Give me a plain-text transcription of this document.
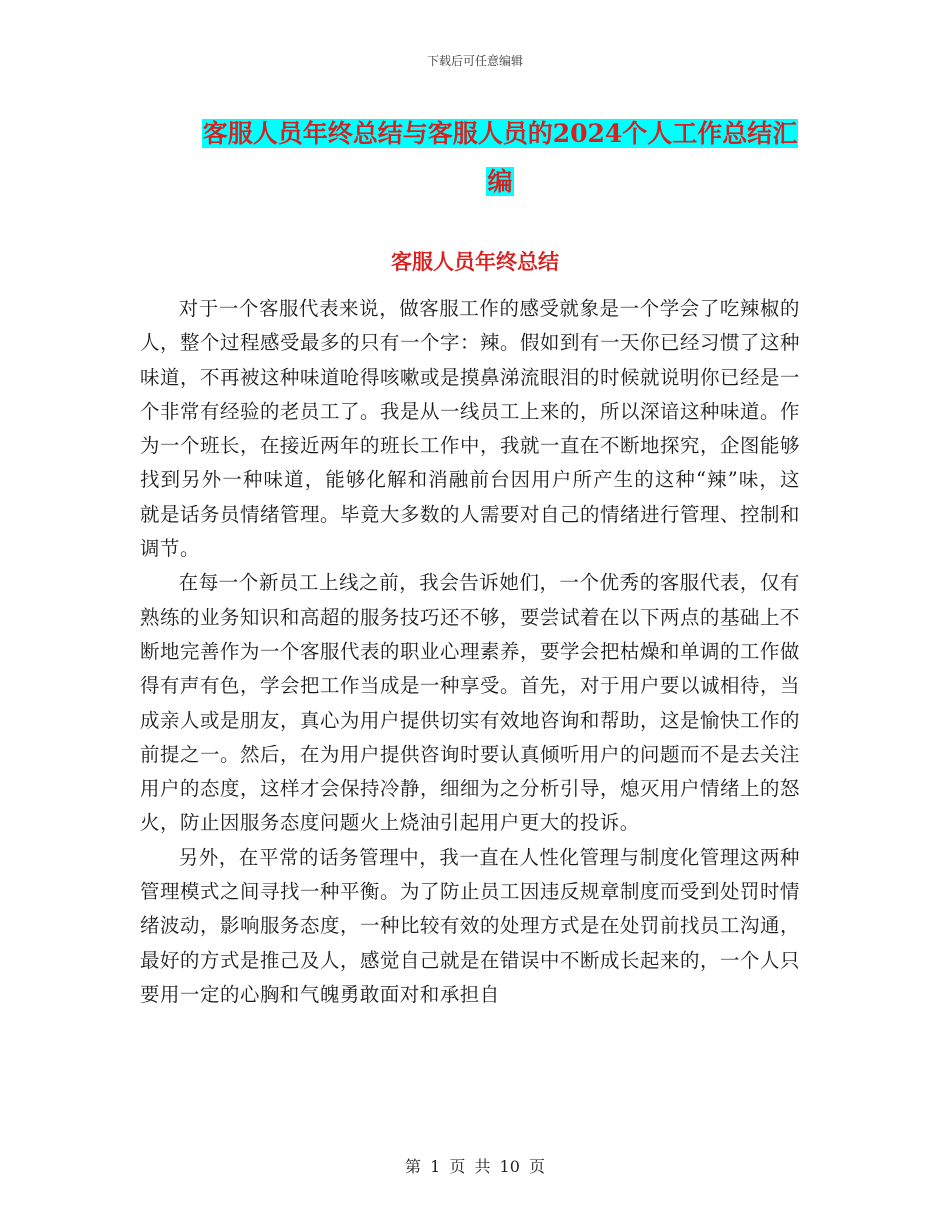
下载后可任意编辑
客服人员年终总结与客服人员的2024个人工作总结汇
编
客服人员年终总结

对于一个客服代表来说，做客服工作的感受就象是一个学会了吃辣椒的人，整个过程感受最多的只有一个字：辣。假如到有一天你已经习惯了这种味道，不再被这种味道呛得咳嗽或是摸鼻涕流眼泪的时候就说明你已经是一个非常有经验的老员工了。我是从一线员工上来的，所以深谙这种味道。作为一个班长，在接近两年的班长工作中，我就一直在不断地探究，企图能够找到另外一种味道，能够化解和消融前台因用户所产生的这种“辣”味，这就是话务员情绪管理。毕竟大多数的人需要对自己的情绪进行管理、控制和调节。

在每一个新员工上线之前，我会告诉她们，一个优秀的客服代表，仅有熟练的业务知识和高超的服务技巧还不够，要尝试着在以下两点的基础上不断地完善作为一个客服代表的职业心理素养，要学会把枯燥和单调的工作做得有声有色，学会把工作当成是一种享受。首先，对于用户要以诚相待，当成亲人或是朋友，真心为用户提供切实有效地咨询和帮助，这是愉快工作的前提之一。然后，在为用户提供咨询时要认真倾听用户的问题而不是去关注用户的态度，这样才会保持冷静，细细为之分析引导，熄灭用户情绪上的怒火，防止因服务态度问题火上烧油引起用户更大的投诉。

另外，在平常的话务管理中，我一直在人性化管理与制度化管理这两种管理模式之间寻找一种平衡。为了防止员工因违反规章制度而受到处罚时情绪波动，影响服务态度，一种比较有效的处理方式是在处罚前找员工沟通，最好的方式是推己及人，感觉自己就是在错误中不断成长起来的，一个人只要用一定的心胸和气魄勇敢面对和承担自

第 1 页 共 10 页
